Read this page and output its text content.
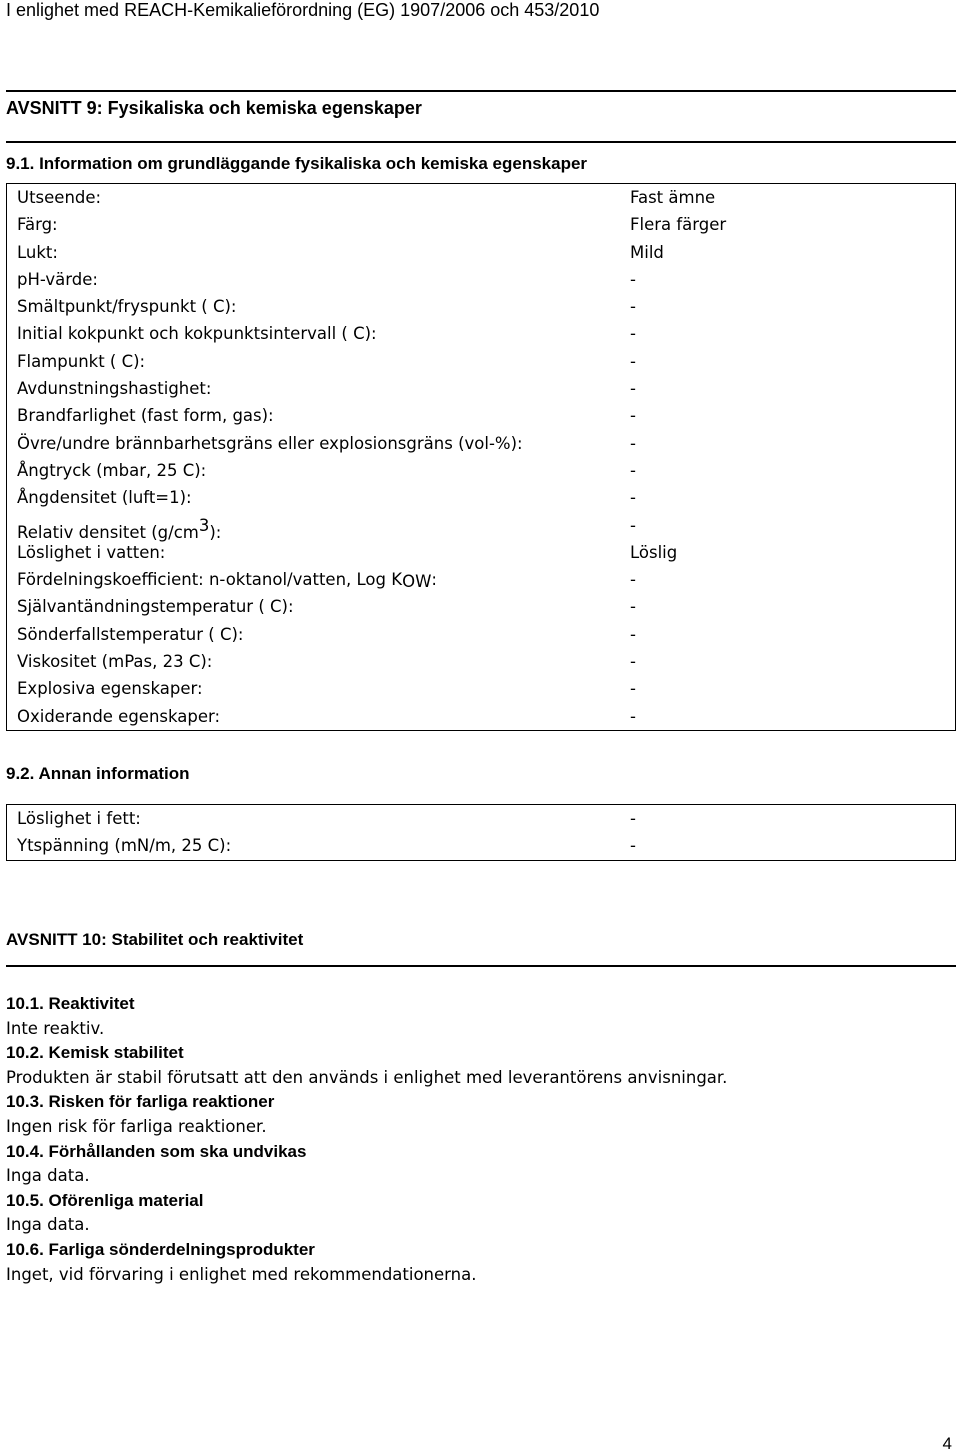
I enlighet med REACH-Kemikalieförordning (EG) 1907/2006 och 453/2010
AVSNITT 9: Fysikaliska och kemiska egenskaper
9.1. Information om grundläggande fysikaliska och kemiska egenskaper
Utseende:	Fast ämne
Färg:	Flera färger
Lukt:	Mild
pH-värde:	-
Smältpunkt/fryspunkt ( C):	-
Initial kokpunkt och kokpunktsintervall ( C):	-
Flampunkt ( C):	-
Avdunstningshastighet:	-
Brandfarlighet (fast form, gas):	-
Övre/undre brännbarhetsgräns eller explosionsgräns (vol-%):	-
Ångtryck (mbar, 25 C):	-
Ångdensitet (luft=1):	-
Relativ densitet (g/cm3):	-
Löslighet i vatten:	Löslig
Fördelningskoefficient: n-oktanol/vatten, Log KOW:	-
Självantändningstemperatur ( C):	-
Sönderfallstemperatur ( C):	-
Viskositet (mPas, 23 C):	-
Explosiva egenskaper:	-
Oxiderande egenskaper:	-
9.2. Annan information
Löslighet i fett:	-
Ytspänning (mN/m, 25 C):	-
AVSNITT 10: Stabilitet och reaktivitet
10.1. Reaktivitet
Inte reaktiv.
10.2. Kemisk stabilitet
Produkten är stabil förutsatt att den används i enlighet med leverantörens anvisningar.
10.3. Risken för farliga reaktioner
Ingen risk för farliga reaktioner.
10.4. Förhållanden som ska undvikas
Inga data.
10.5. Oförenliga material
Inga data.
10.6. Farliga sönderdelningsprodukter
Inget, vid förvaring i enlighet med rekommendationerna.
4
